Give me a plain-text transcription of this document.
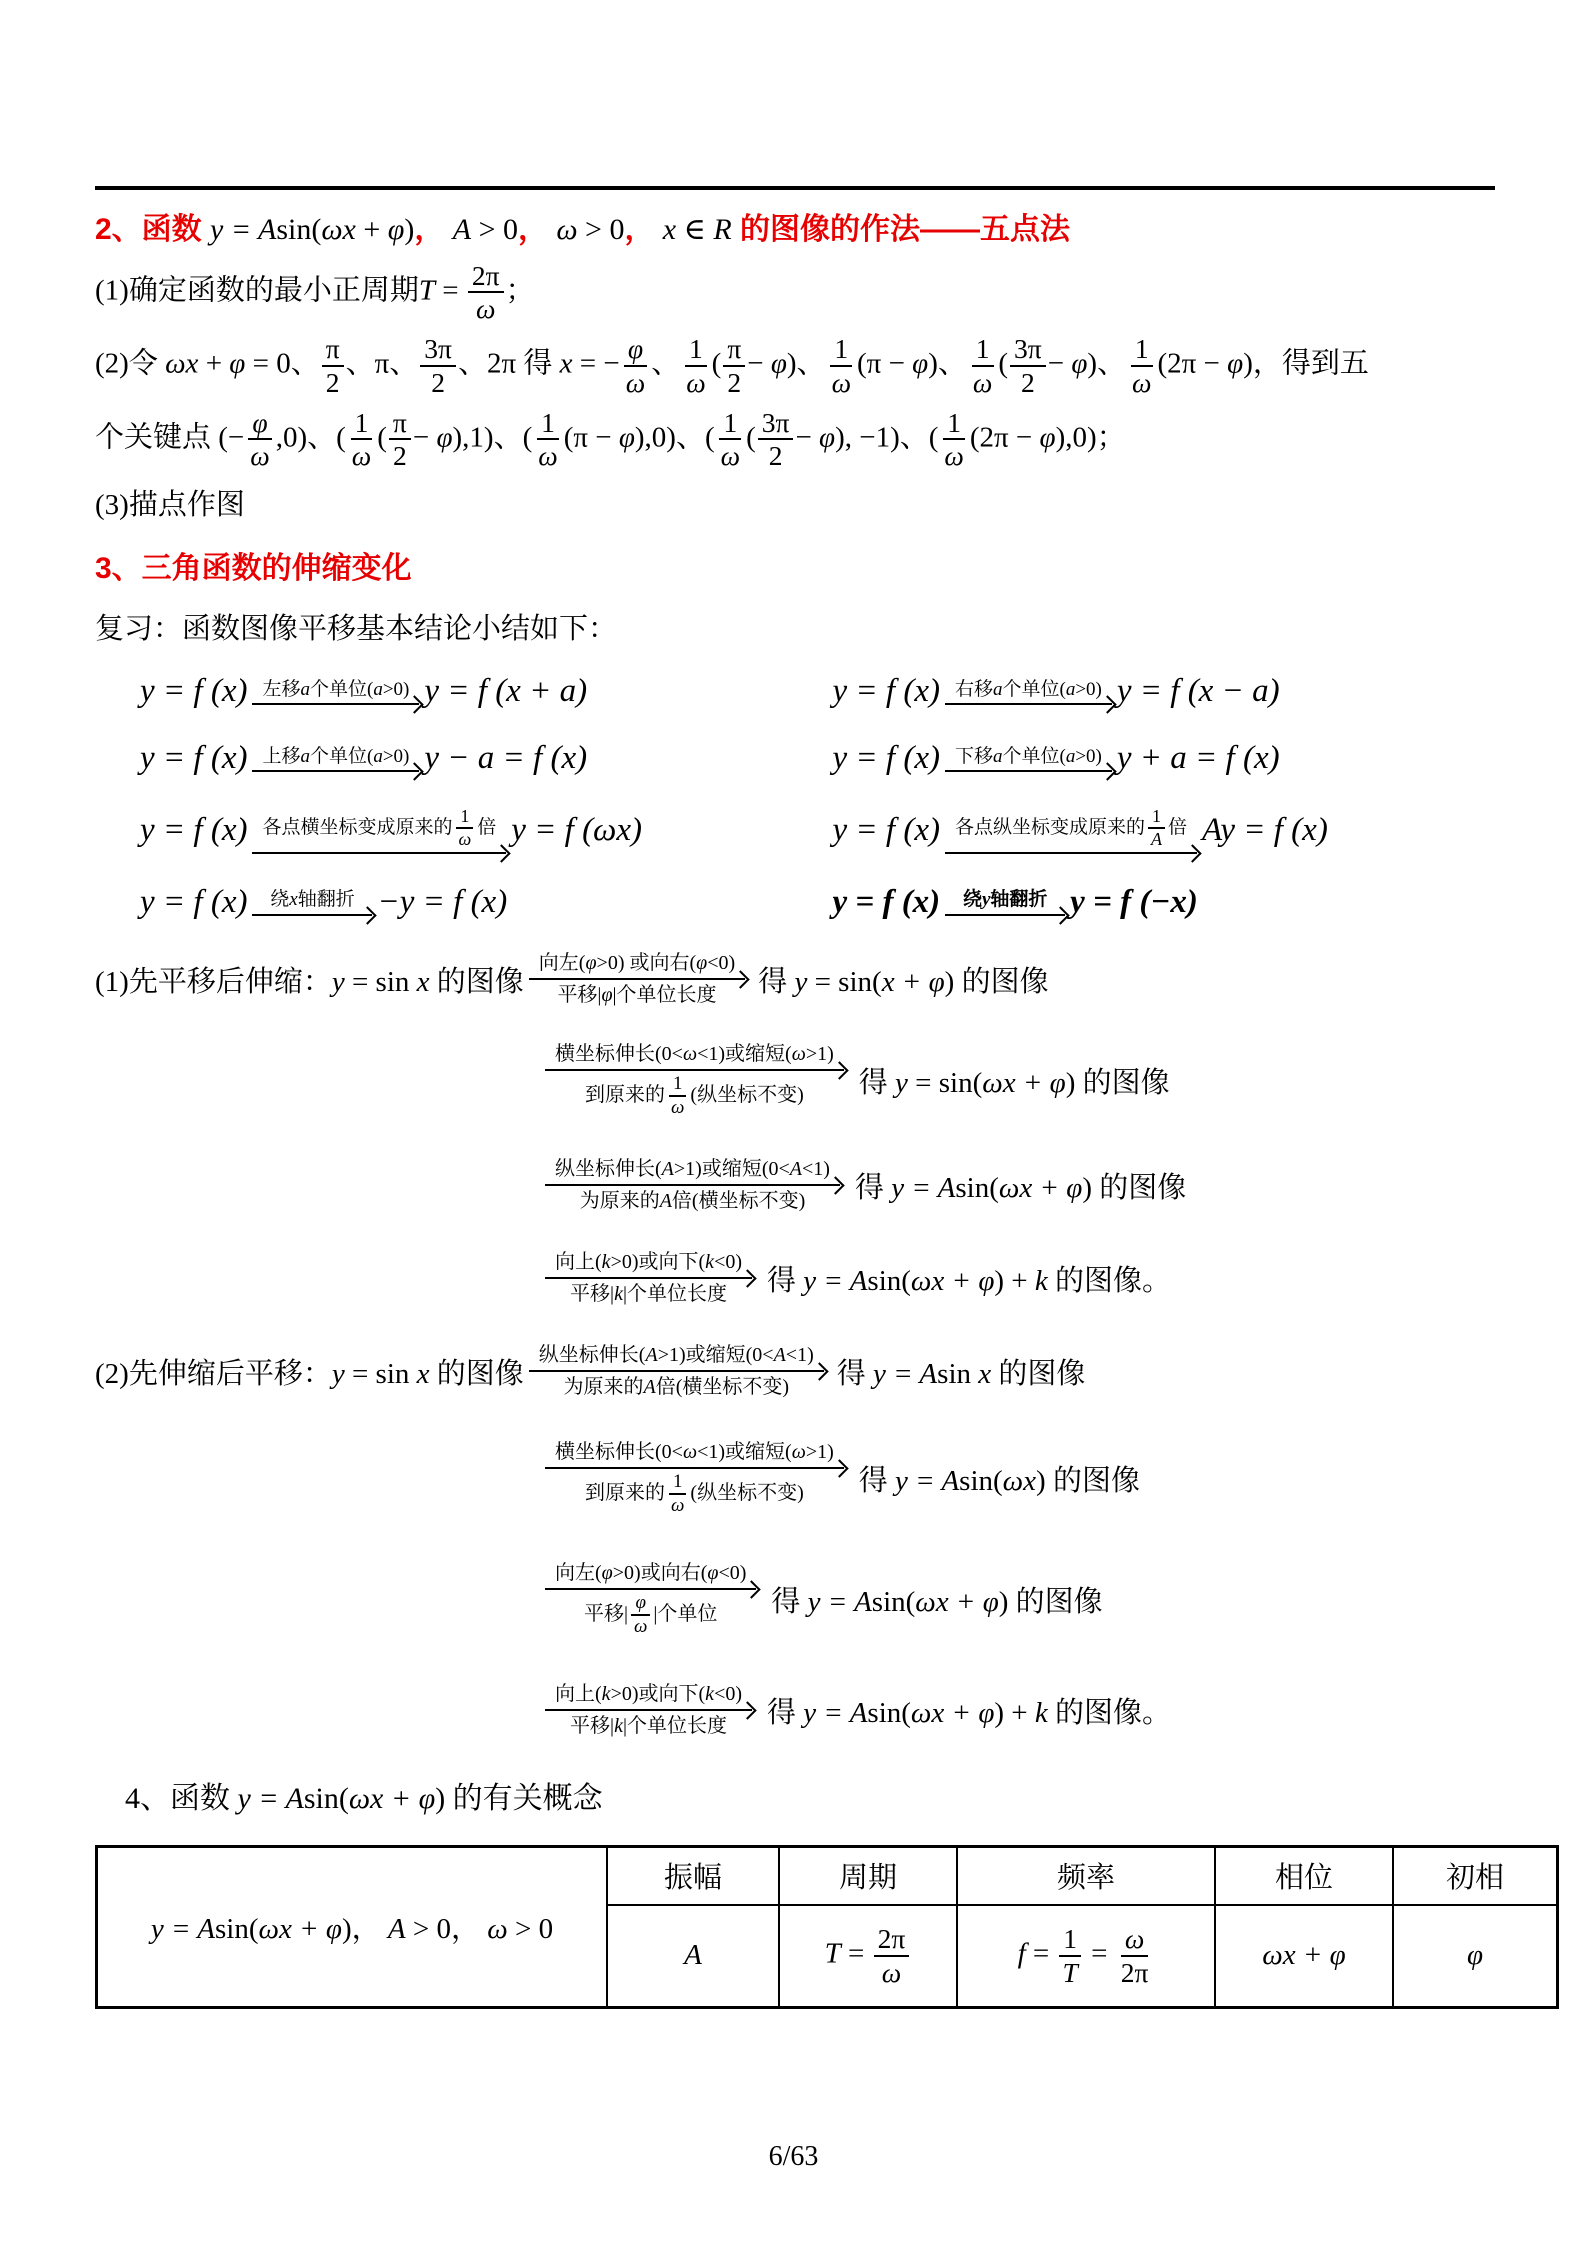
2、函数 y = Asin(ωx + φ)， A > 0， ω > 0， x ∈ R 的图像的作法——五点法
(1)确定函数的最小正周期$T = \frac{2\pi}{\omega}$ ；
(2)令 ωx + φ = 0、 $\frac{\pi}{2}$ 、π、 $\frac{3\pi}{2}$ 、2π 得 x = − $\frac{\varphi}{\omega}$ 、 $\frac{1}{\omega}$ ( $\frac{\pi}{2} - \varphi$)、 $\frac{1}{\omega} (\pi - \varphi)$、 $\frac{1}{\omega}$ ( $\frac{3\pi}{2} - \varphi$)、 $\frac{1}{\omega} (2\pi - \varphi)$，得到五
个关键点 (− $\frac{\varphi}{\omega} ,0$)、( $\frac{1}{\omega}$ ( $\frac{\pi}{2} - \varphi),1$)、( $\frac{1}{\omega} (\pi - \varphi),0$)、( $\frac{1}{\omega}$ ( $\frac{3\pi}{2} - \varphi$), −1)、( $\frac{1}{\omega} (2\pi - \varphi),0$)；
(3)描点作图
3、三角函数的伸缩变化
复习：函数图像平移基本结论小结如下：
y = f (x) 左移a个单位(a>0) y = f (x + a)	y = f (x) 右移a个单位(a>0) y = f (x − a)
y = f (x) 上移a个单位(a>0) y − a = f (x)	y = f (x) 下移a个单位(a>0) y + a = f (x)
y = f (x) 各点横坐标变成原来的 $\frac{1}{\omega}$ 倍 y = f (ωx)	y = f (x) 各点纵坐标变成原来的 $\frac{1}{A}$ 倍 Ay = f (x)
y = f (x)	绕x轴翻折 −y = f (x)	y = f (x)	绕y轴翻折 y = f (−x)
(1)先平移后伸缩： y = sin x 的图像
向左(φ>0) 或向右(φ<0)
平移|φ|个单位长度	得 y = sin(x + φ) 的图像
横坐标伸长(0<ω<1)或缩短(ω>1)
到原来的 $\frac{1}{\omega}$ (纵坐标不变)	得 y = sin(ωx + φ) 的图像
纵坐标伸长(A>1)或缩短(0<A<1)
为原来的A倍(横坐标不变)	得 y = Asin(ωx + φ) 的图像
向上(k>0)或向下(k<0)
平移|k|个单位长度	得 y = Asin(ωx + φ) + k 的图像。
(2)先伸缩后平移： y = sin x 的图像
纵坐标伸长(A>1)或缩短(0<A<1)
为原来的A倍(横坐标不变)	得 y = Asin x 的图像
横坐标伸长(0<ω<1)或缩短(ω>1)
到原来的 $\frac{1}{\omega}$ (纵坐标不变)	得 y = Asin(ωx) 的图像
向左(φ>0)或向右(φ<0)
平移| $\frac{\varphi}{\omega}$ |个单位	得 y = Asin(ωx + φ) 的图像
向上(k>0)或向下(k<0)
平移|k|个单位长度	得 y = Asin(ωx + φ) + k 的图像。
4、函数 y = Asin(ωx + φ) 的有关概念
y = Asin(ωx + φ)， A > 0， ω > 0	振幅	周期	频率	相位	初相
A	$T = \frac{2\pi}{\omega}$	$f = \frac{1}{T} = \frac{\omega}{2\pi}$	ωx + φ	φ
6/63
